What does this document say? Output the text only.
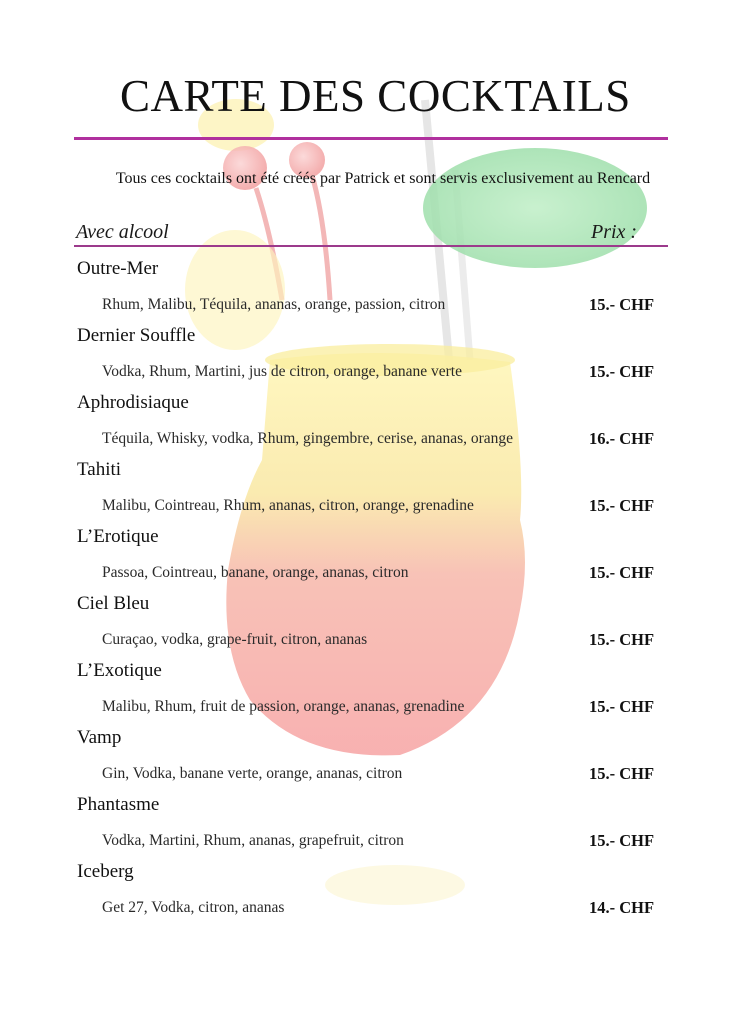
CARTE DES COCKTAILS
Tous ces cocktails ont été créés par Patrick et sont servis exclusivement au Rencard
Avec alcool	Prix :
Outre-Mer
Rhum, Malibu, Téquila, ananas, orange, passion, citron	15.- CHF
Dernier Souffle
Vodka, Rhum, Martini, jus de citron, orange, banane verte	15.- CHF
Aphrodisiaque
Téquila, Whisky, vodka, Rhum, gingembre, cerise, ananas, orange	16.- CHF
Tahiti
Malibu, Cointreau, Rhum, ananas, citron, orange, grenadine	15.- CHF
L’Erotique
Passoa, Cointreau, banane, orange, ananas, citron	15.- CHF
Ciel Bleu
Curaçao, vodka, grape-fruit, citron, ananas	15.- CHF
L’Exotique
Malibu, Rhum, fruit de passion, orange, ananas, grenadine	15.- CHF
Vamp
Gin, Vodka, banane verte, orange, ananas, citron	15.- CHF
Phantasme
Vodka, Martini, Rhum, ananas, grapefruit, citron	15.- CHF
Iceberg
Get 27, Vodka, citron, ananas	14.- CHF
